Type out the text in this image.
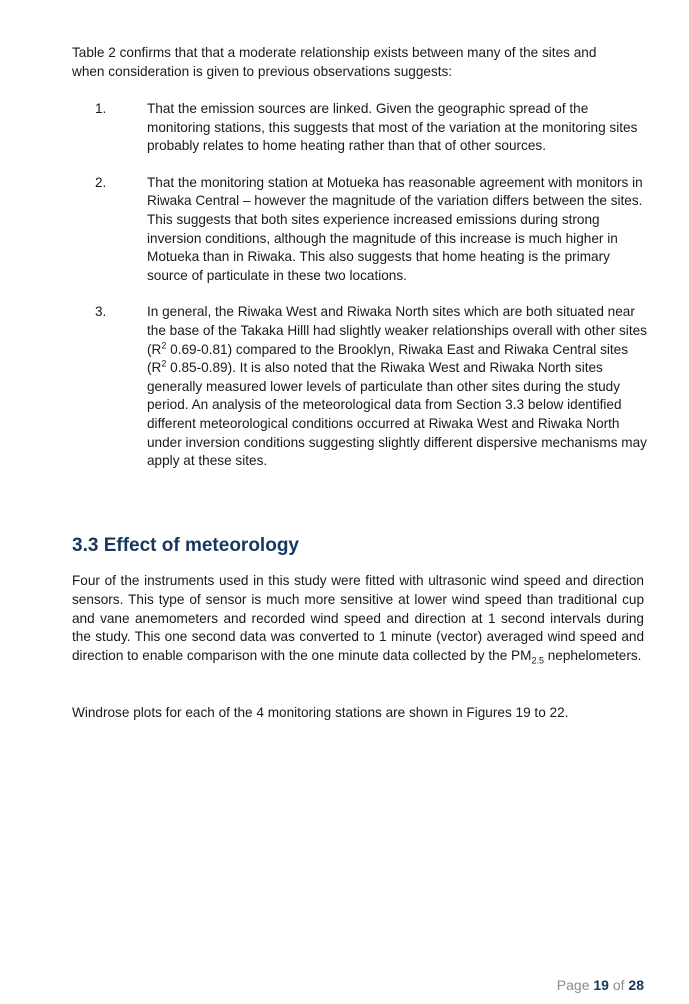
Table 2 confirms that that a moderate relationship exists between many of the sites and when consideration is given to previous observations suggests:

1.	That the emission sources are linked. Given the geographic spread of the monitoring stations, this suggests that most of the variation at the monitoring sites probably relates to home heating rather than that of other sources.
2.	That the monitoring station at Motueka has reasonable agreement with monitors in Riwaka Central – however the magnitude of the variation differs between the sites. This suggests that both sites experience increased emissions during strong inversion conditions, although the magnitude of this increase is much higher in Motueka than in Riwaka. This also suggests that home heating is the primary source of particulate in these two locations.
3.	In general, the Riwaka West and Riwaka North sites which are both situated near the base of the Takaka Hilll had slightly weaker relationships overall with other sites ($R^2$ 0.69-0.81) compared to the Brooklyn, Riwaka East and Riwaka Central sites ($R^2$ 0.85-0.89). It is also noted that the Riwaka West and Riwaka North sites generally measured lower levels of particulate than other sites during the study period. An analysis of the meteorological data from Section 3.3 below identified different meteorological conditions occurred at Riwaka West and Riwaka North under inversion conditions suggesting slightly different dispersive mechanisms may apply at these sites.
3.3 Effect of meteorology

Four of the instruments used in this study were fitted with ultrasonic wind speed and direction sensors. This type of sensor is much more sensitive at lower wind speed than traditional cup and vane anemometers and recorded wind speed and direction at 1 second intervals during the study. This one second data was converted to 1 minute (vector) averaged wind speed and direction to enable comparison with the one minute data collected by the $PM_{2.5}$ nephelometers.

Windrose plots for each of the 4 monitoring stations are shown in Figures 19 to 22.

Page 19 of 28
